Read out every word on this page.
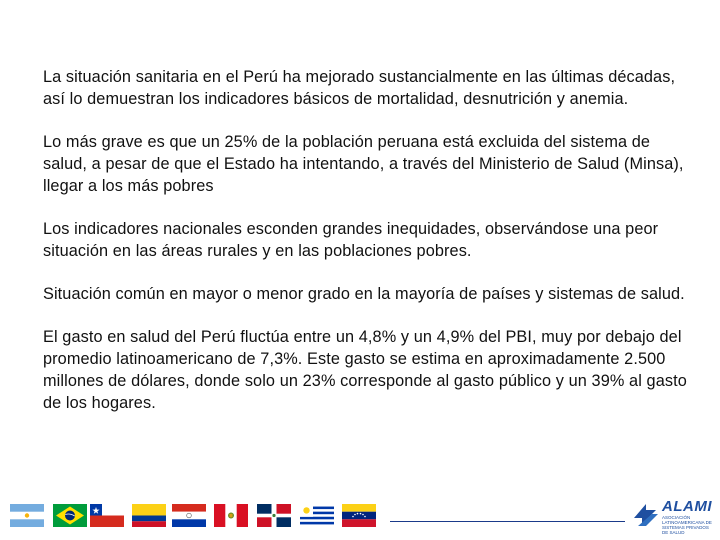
La situación sanitaria en el Perú ha mejorado sustancialmente en las últimas décadas, así lo demuestran los indicadores básicos de mortalidad, desnutrición y anemia.

Lo más grave es que un 25% de la población peruana está excluida del sistema de salud, a pesar de que el Estado ha intentando, a través del Ministerio de Salud (Minsa), llegar a los más pobres

Los indicadores nacionales esconden grandes inequidades, observándose una peor situación en las áreas rurales y en las poblaciones pobres.

Situación común en mayor o menor grado en la mayoría de países y sistemas de salud.

El gasto en salud del Perú fluctúa entre un 4,8% y un 4,9% del PBI, muy por debajo del promedio latinoamericano de 7,3%. Este gasto se estima en aproximadamente 2.500 millones de dólares, donde solo un 23% corresponde al gasto público y un 39% al gasto de los hogares.

ALAMI
ASOCIACIÓN LATINOAMERICANA DE SISTEMAS PRIVADOS DE SALUD
